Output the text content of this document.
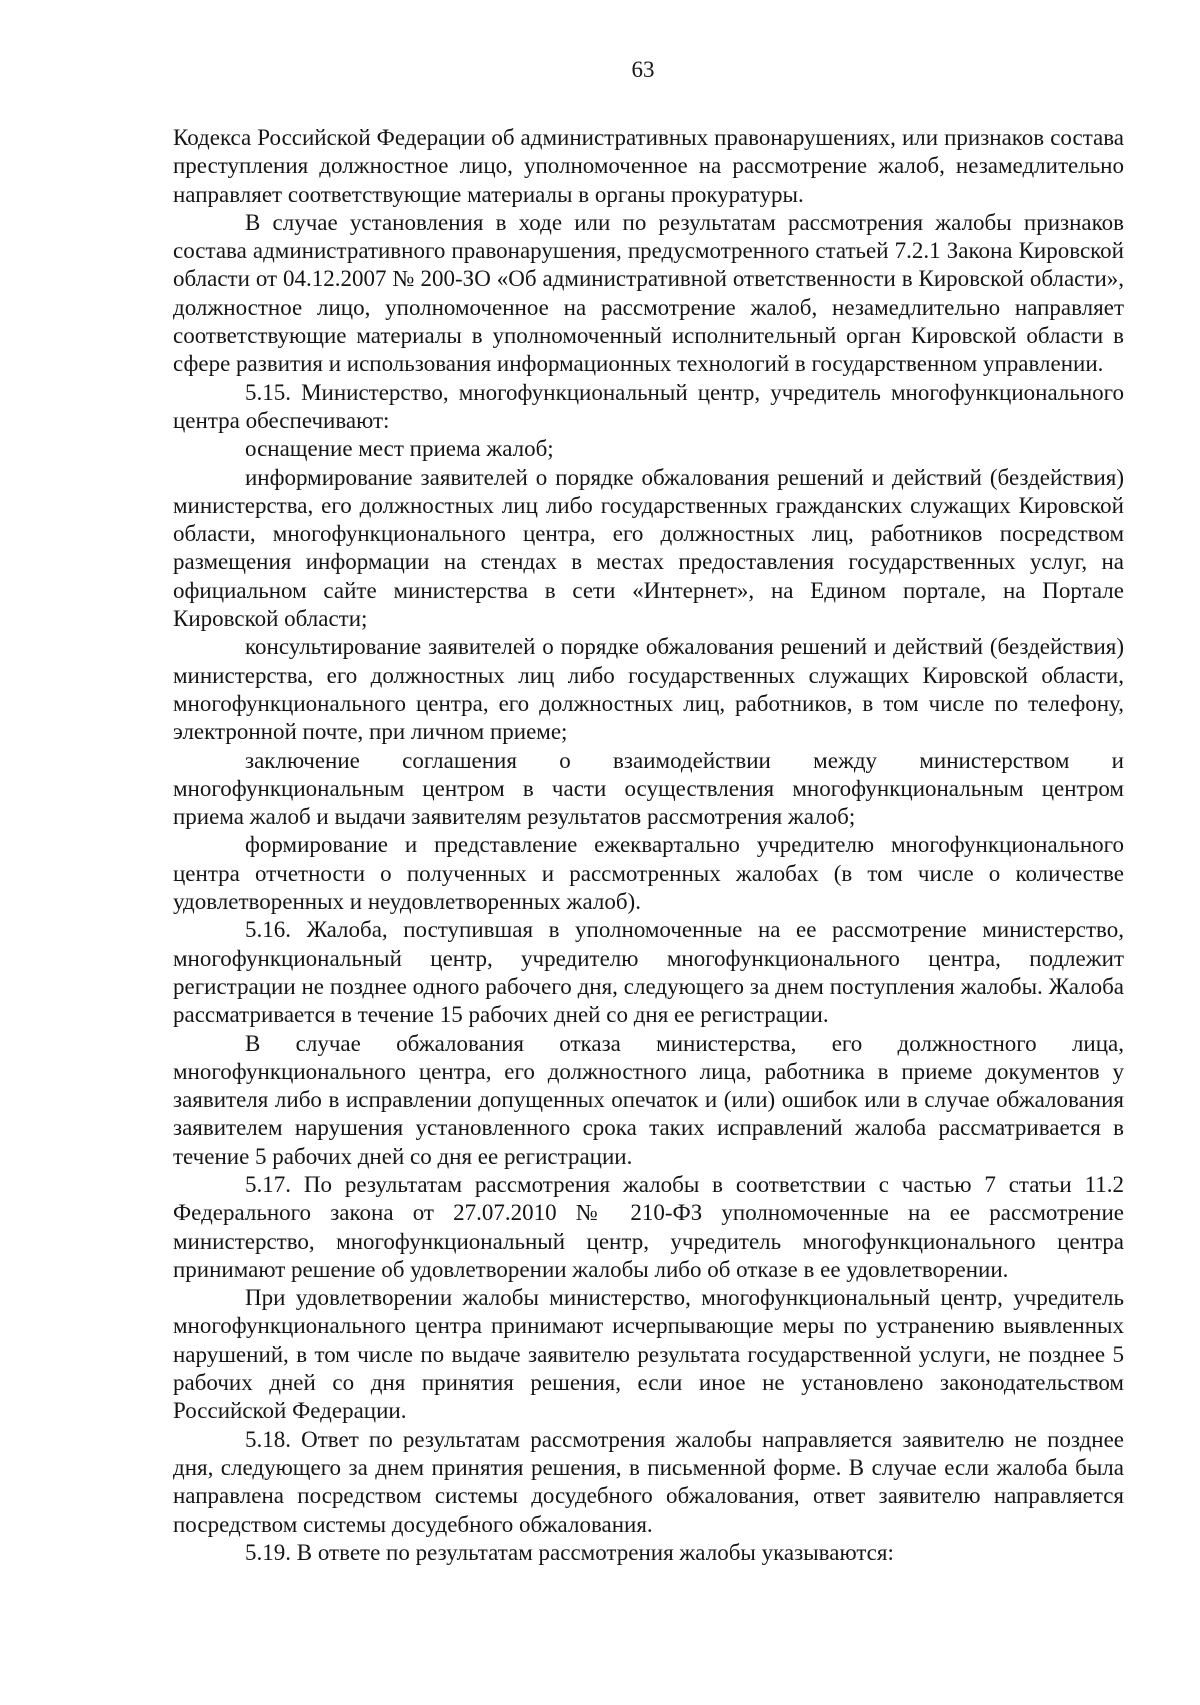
63

Кодекса Российской Федерации об административных правонарушениях, или признаков состава преступления должностное лицо, уполномоченное на рассмотрение жалоб, незамедлительно направляет соответствующие материалы в органы прокуратуры.

В случае установления в ходе или по результатам рассмотрения жалобы признаков состава административного правонарушения, предусмотренного статьей 7.2.1 Закона Кировской области от 04.12.2007 № 200-ЗО «Об административной ответственности в Кировской области», должностное лицо, уполномоченное на рассмотрение жалоб, незамедлительно направляет соответствующие материалы в уполномоченный исполнительный орган Кировской области в сфере развития и использования информационных технологий в государственном управлении.

5.15. Министерство, многофункциональный центр, учредитель многофункционального центра обеспечивают:

оснащение мест приема жалоб;

информирование заявителей о порядке обжалования решений и действий (бездействия) министерства, его должностных лиц либо государственных гражданских служащих Кировской области, многофункционального центра, его должностных лиц, работников посредством размещения информации на стендах в местах предоставления государственных услуг, на официальном сайте министерства в сети «Интернет», на Едином портале, на Портале Кировской области;

консультирование заявителей о порядке обжалования решений и действий (бездействия) министерства, его должностных лиц либо государственных служащих Кировской области, многофункционального центра, его должностных лиц, работников, в том числе по телефону, электронной почте, при личном приеме;

заключение соглашения о взаимодействии между министерством и многофункциональным центром в части осуществления многофункциональным центром приема жалоб и выдачи заявителям результатов рассмотрения жалоб;

формирование и представление ежеквартально учредителю многофункционального центра отчетности о полученных и рассмотренных жалобах (в том числе о количестве удовлетворенных и неудовлетворенных жалоб).

5.16. Жалоба, поступившая в уполномоченные на ее рассмотрение министерство, многофункциональный центр, учредителю многофункционального центра, подлежит регистрации не позднее одного рабочего дня, следующего за днем поступления жалобы. Жалоба рассматривается в течение 15 рабочих дней со дня ее регистрации.

В случае обжалования отказа министерства, его должностного лица, многофункционального центра, его должностного лица, работника в приеме документов у заявителя либо в исправлении допущенных опечаток и (или) ошибок или в случае обжалования заявителем нарушения установленного срока таких исправлений жалоба рассматривается в течение 5 рабочих дней со дня ее регистрации.

5.17. По результатам рассмотрения жалобы в соответствии с частью 7 статьи 11.2 Федерального закона от 27.07.2010 № 210-ФЗ уполномоченные на ее рассмотрение министерство, многофункциональный центр, учредитель многофункционального центра принимают решение об удовлетворении жалобы либо об отказе в ее удовлетворении.

При удовлетворении жалобы министерство, многофункциональный центр, учредитель многофункционального центра принимают исчерпывающие меры по устранению выявленных нарушений, в том числе по выдаче заявителю результата государственной услуги, не позднее 5 рабочих дней со дня принятия решения, если иное не установлено законодательством Российской Федерации.

5.18. Ответ по результатам рассмотрения жалобы направляется заявителю не позднее дня, следующего за днем принятия решения, в письменной форме. В случае если жалоба была направлена посредством системы досудебного обжалования, ответ заявителю направляется посредством системы досудебного обжалования.

5.19. В ответе по результатам рассмотрения жалобы указываются:
